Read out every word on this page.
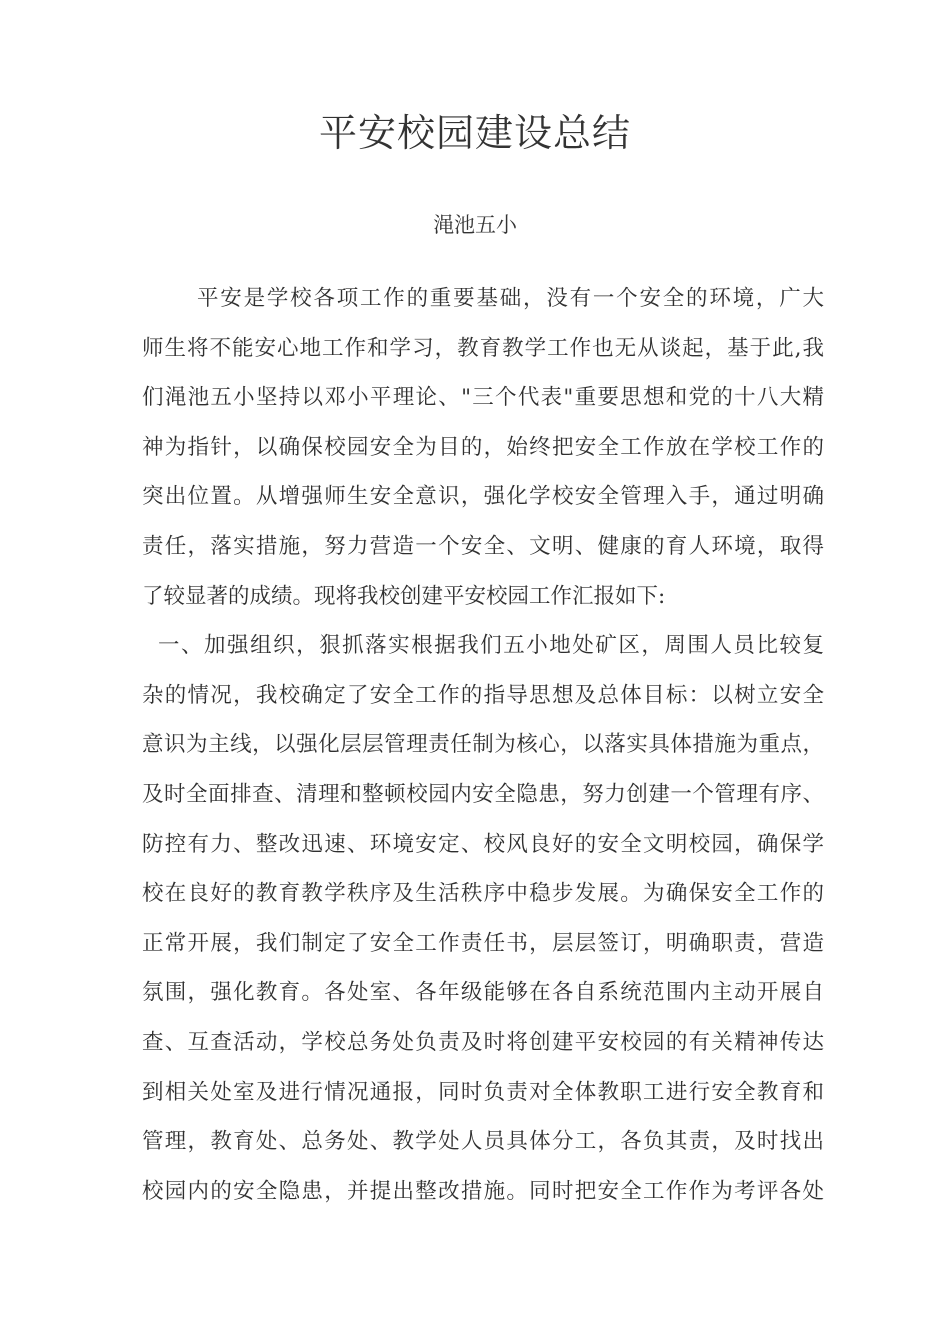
平安校园建设总结
渑池五小
平安是学校各项工作的重要基础，没有一个安全的环境，广大
师生将不能安心地工作和学习，教育教学工作也无从谈起，基于此,我
们渑池五小坚持以邓小平理论、"三个代表"重要思想和党的十八大精
神为指针，以确保校园安全为目的，始终把安全工作放在学校工作的
突出位置。从增强师生安全意识，强化学校安全管理入手，通过明确
责任，落实措施，努力营造一个安全、文明、健康的育人环境，取得
了较显著的成绩。现将我校创建平安校园工作汇报如下:
一、加强组织，狠抓落实根据我们五小地处矿区，周围人员比较复
杂的情况，我校确定了安全工作的指导思想及总体目标：以树立安全
意识为主线，以强化层层管理责任制为核心，以落实具体措施为重点，
及时全面排查、清理和整顿校园内安全隐患，努力创建一个管理有序、
防控有力、整改迅速、环境安定、校风良好的安全文明校园，确保学
校在良好的教育教学秩序及生活秩序中稳步发展。为确保安全工作的
正常开展，我们制定了安全工作责任书，层层签订，明确职责，营造
氛围，强化教育。各处室、各年级能够在各自系统范围内主动开展自
查、互查活动，学校总务处负责及时将创建平安校园的有关精神传达
到相关处室及进行情况通报，同时负责对全体教职工进行安全教育和
管理，教育处、总务处、教学处人员具体分工，各负其责，及时找出
校园内的安全隐患，并提出整改措施。同时把安全工作作为考评各处
